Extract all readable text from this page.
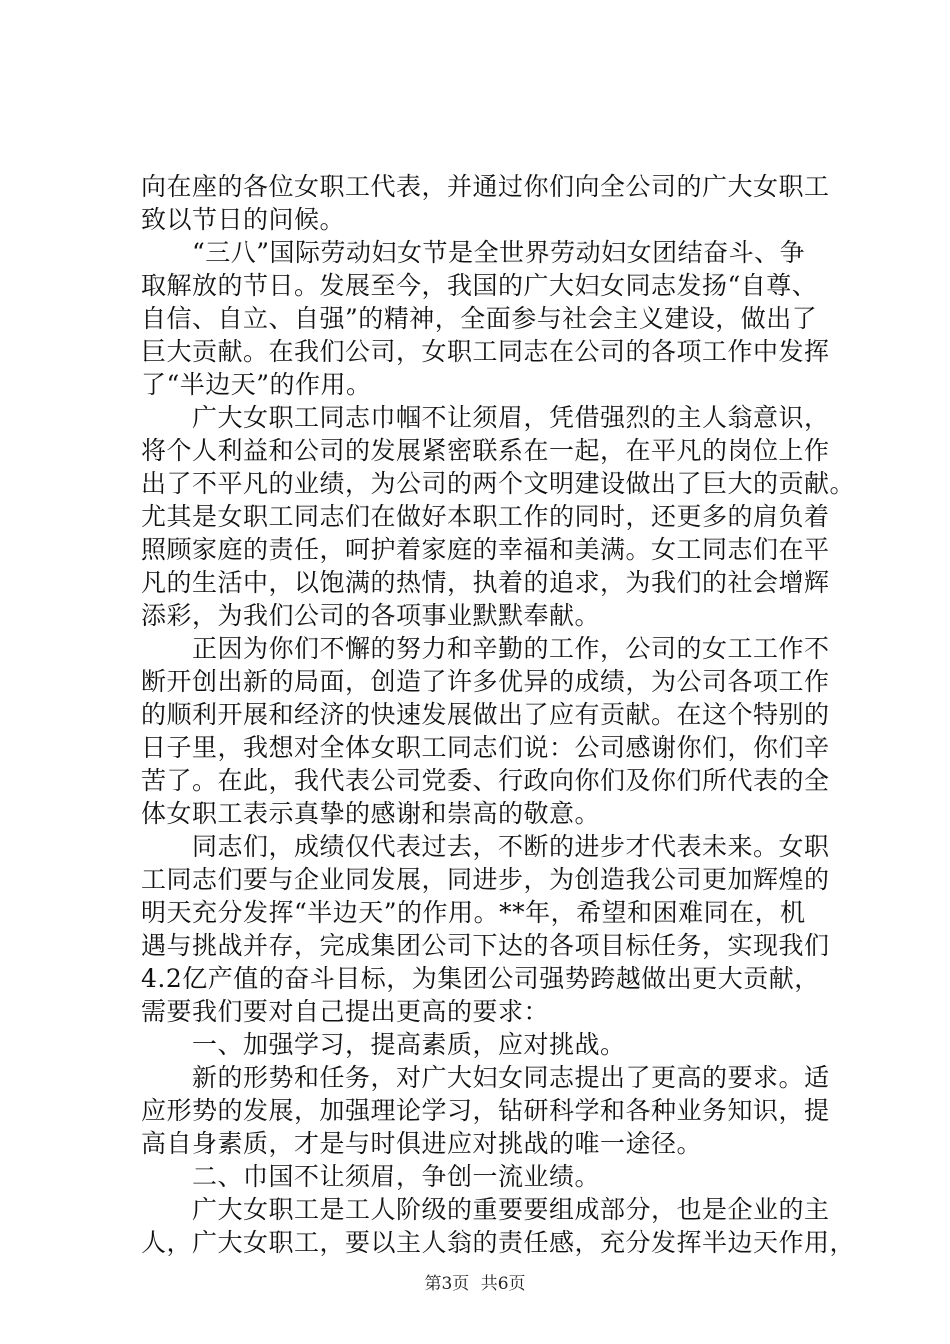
向在座的各位女职工代表，并通过你们向全公司的广大女职工
致以节日的问候。
　　“三八”国际劳动妇女节是全世界劳动妇女团结奋斗、争
取解放的节日。发展至今，我国的广大妇女同志发扬“自尊、
自信、自立、自强”的精神，全面参与社会主义建设，做出了
巨大贡献。在我们公司，女职工同志在公司的各项工作中发挥
了“半边天”的作用。
　　广大女职工同志巾帼不让须眉，凭借强烈的主人翁意识，
将个人利益和公司的发展紧密联系在一起，在平凡的岗位上作
出了不平凡的业绩，为公司的两个文明建设做出了巨大的贡献。
尤其是女职工同志们在做好本职工作的同时，还更多的肩负着
照顾家庭的责任，呵护着家庭的幸福和美满。女工同志们在平
凡的生活中，以饱满的热情，执着的追求，为我们的社会增辉
添彩，为我们公司的各项事业默默奉献。
　　正因为你们不懈的努力和辛勤的工作，公司的女工工作不
断开创出新的局面，创造了许多优异的成绩，为公司各项工作
的顺利开展和经济的快速发展做出了应有贡献。在这个特别的
日子里，我想对全体女职工同志们说：公司感谢你们，你们辛
苦了。在此，我代表公司党委、行政向你们及你们所代表的全
体女职工表示真挚的感谢和崇高的敬意。
　　同志们，成绩仅代表过去，不断的进步才代表未来。女职
工同志们要与企业同发展，同进步，为创造我公司更加辉煌的
明天充分发挥“半边天”的作用。**年，希望和困难同在，机
遇与挑战并存，完成集团公司下达的各项目标任务，实现我们
4.2亿产值的奋斗目标，为集团公司强势跨越做出更大贡献，
需要我们要对自己提出更高的要求：
　　一、加强学习，提高素质，应对挑战。
　　新的形势和任务，对广大妇女同志提出了更高的要求。适
应形势的发展，加强理论学习，钻研科学和各种业务知识，提
高自身素质，才是与时俱进应对挑战的唯一途径。
　　二、巾国不让须眉，争创一流业绩。
　　广大女职工是工人阶级的重要要组成部分，也是企业的主
人，广大女职工，要以主人翁的责任感，充分发挥半边天作用，
第3页 共6页
